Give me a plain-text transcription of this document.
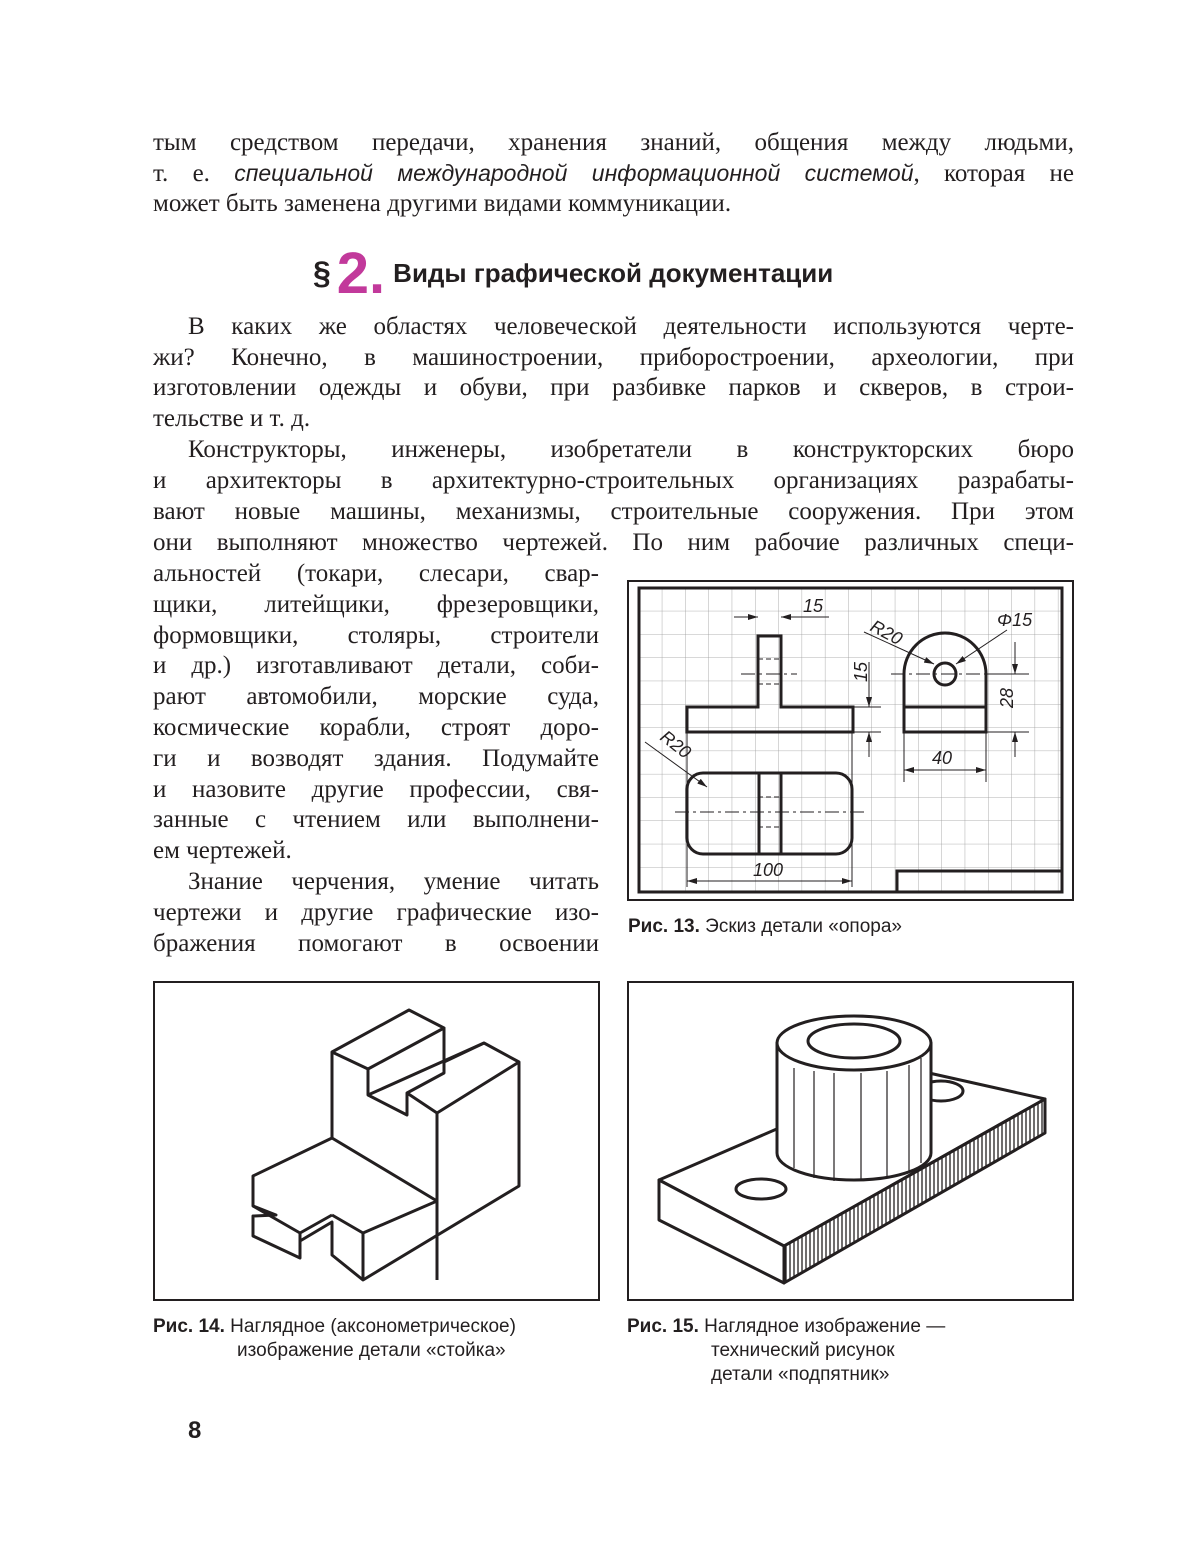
тым средством передачи, хранения знаний, общения между людьми,
т. е. специальной международной информационной системой, которая не
может быть заменена другими видами коммуникации.
§ 2. Виды графической документации
В каких же областях человеческой деятельности используются черте-
жи? Конечно, в машиностроении, приборостроении, археологии, при
изготовлении одежды и обуви, при разбивке парков и скверов, в строи-
тельстве и т. д.
Конструкторы, инженеры, изобретатели в конструкторских бюро
и архитекторы в архитектурно-строительных организациях разрабаты-
вают новые машины, механизмы, строительные сооружения. При этом
они выполняют множество чертежей. По ним рабочие различных специ-
15
R20	Φ15
15
28
40
R20
100
Рис. 13. Эскиз детали «опора»
Рис. 14. Наглядное (аксонометрическое)
изображение детали «стойка»
Рис. 15. Наглядное изображение —
технический рисунок
детали «подпятник»
8
альностей (токари, слесари, свар-
щики, литейщики, фрезеровщики,
формовщики, столяры, строители
и др.) изготавливают детали, соби-
рают автомобили, морские суда,
космические корабли, строят дoро-
ги и возводят здания. Подумайте
и назовите другие профессии, свя-
занные с чтением или выполнени-
ем чертежей.
Знание черчения, умение читать
чертежи и другие графические изо-
бражения помогают в освоении
